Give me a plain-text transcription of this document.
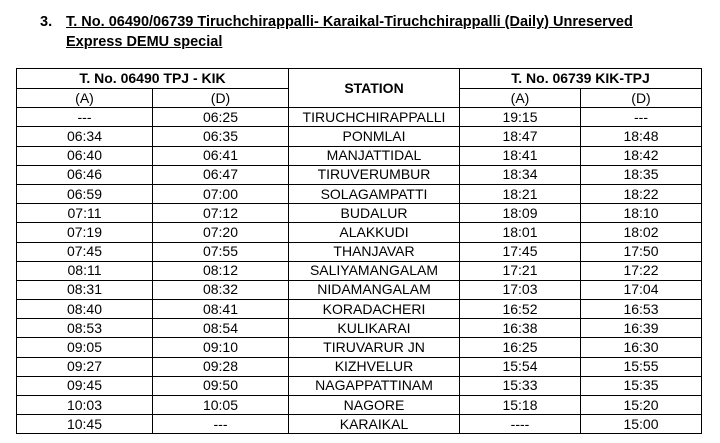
3. T. No. 06490/06739 Tiruchchirappalli- Karaikal-Tiruchchirappalli (Daily) Unreserved
Express DEMU special
T. No. 06490 TPJ - KIK		STATION	T. No. 06739 KIK-TPJ	
(A)	(D)		(A)	(D)
---	06:25	TIRUCHCHIRAPPALLI	19:15	---
06:34	06:35	PONMLAI	18:47	18:48
06:40	06:41	MANJATTIDAL	18:41	18:42
06:46	06:47	TIRUVERUMBUR	18:34	18:35
06:59	07:00	SOLAGAMPATTI	18:21	18:22
07:11	07:12	BUDALUR	18:09	18:10
07:19	07:20	ALAKKUDI	18:01	18:02
07:45	07:55	THANJAVAR	17:45	17:50
08:11	08:12	SALIYAMANGALAM	17:21	17:22
08:31	08:32	NIDAMANGALAM	17:03	17:04
08:40	08:41	KORADACHERI	16:52	16:53
08:53	08:54	KULIKARAI	16:38	16:39
09:05	09:10	TIRUVARUR JN	16:25	16:30
09:27	09:28	KIZHVELUR	15:54	15:55
09:45	09:50	NAGAPPATTINAM	15:33	15:35
10:03	10:05	NAGORE	15:18	15:20
10:45	---	KARAIKAL	----	15:00
